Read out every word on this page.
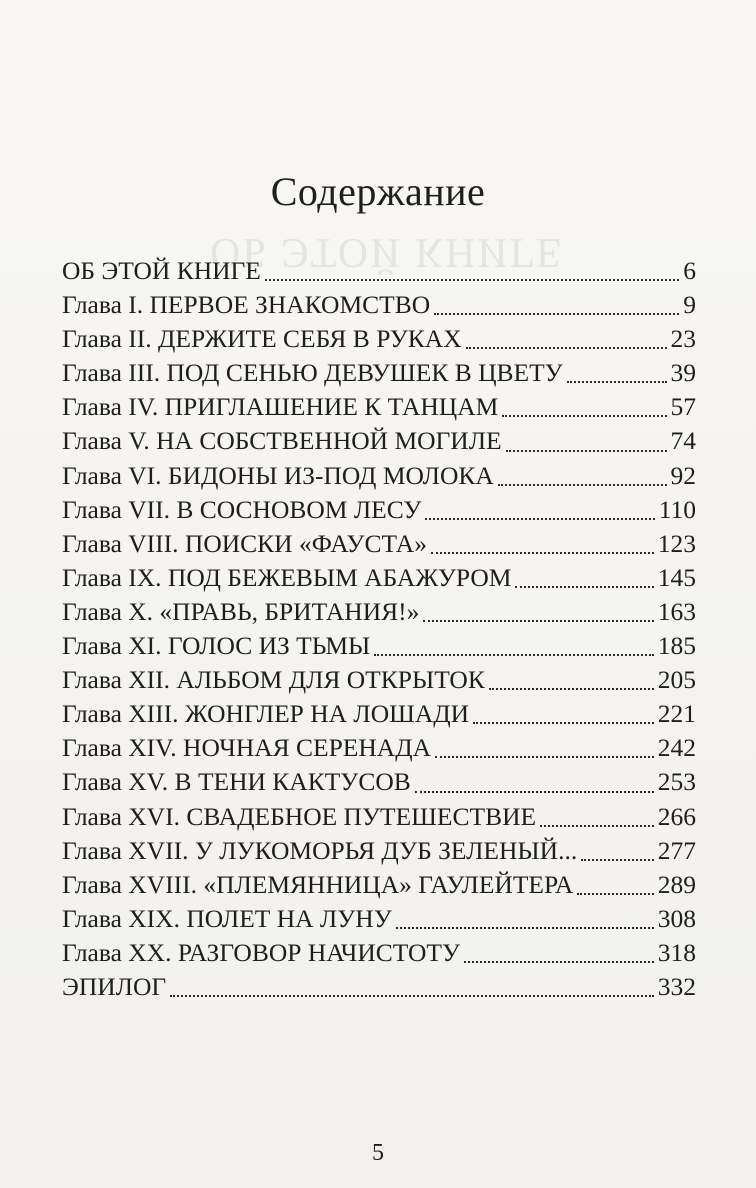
ОБ ЭТОЙ КНИГЕ
Содержание
ОБ ЭТОЙ КНИГЕ	6
Глава I. ПЕРВОЕ ЗНАКОМСТВО	9
Глава II. ДЕРЖИТЕ СЕБЯ В РУКАХ	23
Глава III. ПОД СЕНЬЮ ДЕВУШЕК В ЦВЕТУ	39
Глава IV. ПРИГЛАШЕНИЕ К ТАНЦАМ	57
Глава V. НА СОБСТВЕННОЙ МОГИЛЕ	74
Глава VI. БИДОНЫ ИЗ-ПОД МОЛОКА	92
Глава VII. В СОСНОВОМ ЛЕСУ	110
Глава VIII. ПОИСКИ «ФАУСТА»	123
Глава IX. ПОД БЕЖЕВЫМ АБАЖУРОМ	145
Глава X. «ПРАВЬ, БРИТАНИЯ!»	163
Глава XI. ГОЛОС ИЗ ТЬМЫ	185
Глава XII. АЛЬБОМ ДЛЯ ОТКРЫТОК	205
Глава XIII. ЖОНГЛЕР НА ЛОШАДИ	221
Глава XIV. НОЧНАЯ СЕРЕНАДА	242
Глава XV. В ТЕНИ КАКТУСОВ	253
Глава XVI. СВАДЕБНОЕ ПУТЕШЕСТВИЕ	266
Глава XVII. У ЛУКОМОРЬЯ ДУБ ЗЕЛЕНЫЙ...	277
Глава XVIII. «ПЛЕМЯННИЦА» ГАУЛЕЙТЕРА	289
Глава XIX. ПОЛЕТ НА ЛУНУ	308
Глава XX. РАЗГОВОР НАЧИСТОТУ	318
ЭПИЛОГ	332
5
